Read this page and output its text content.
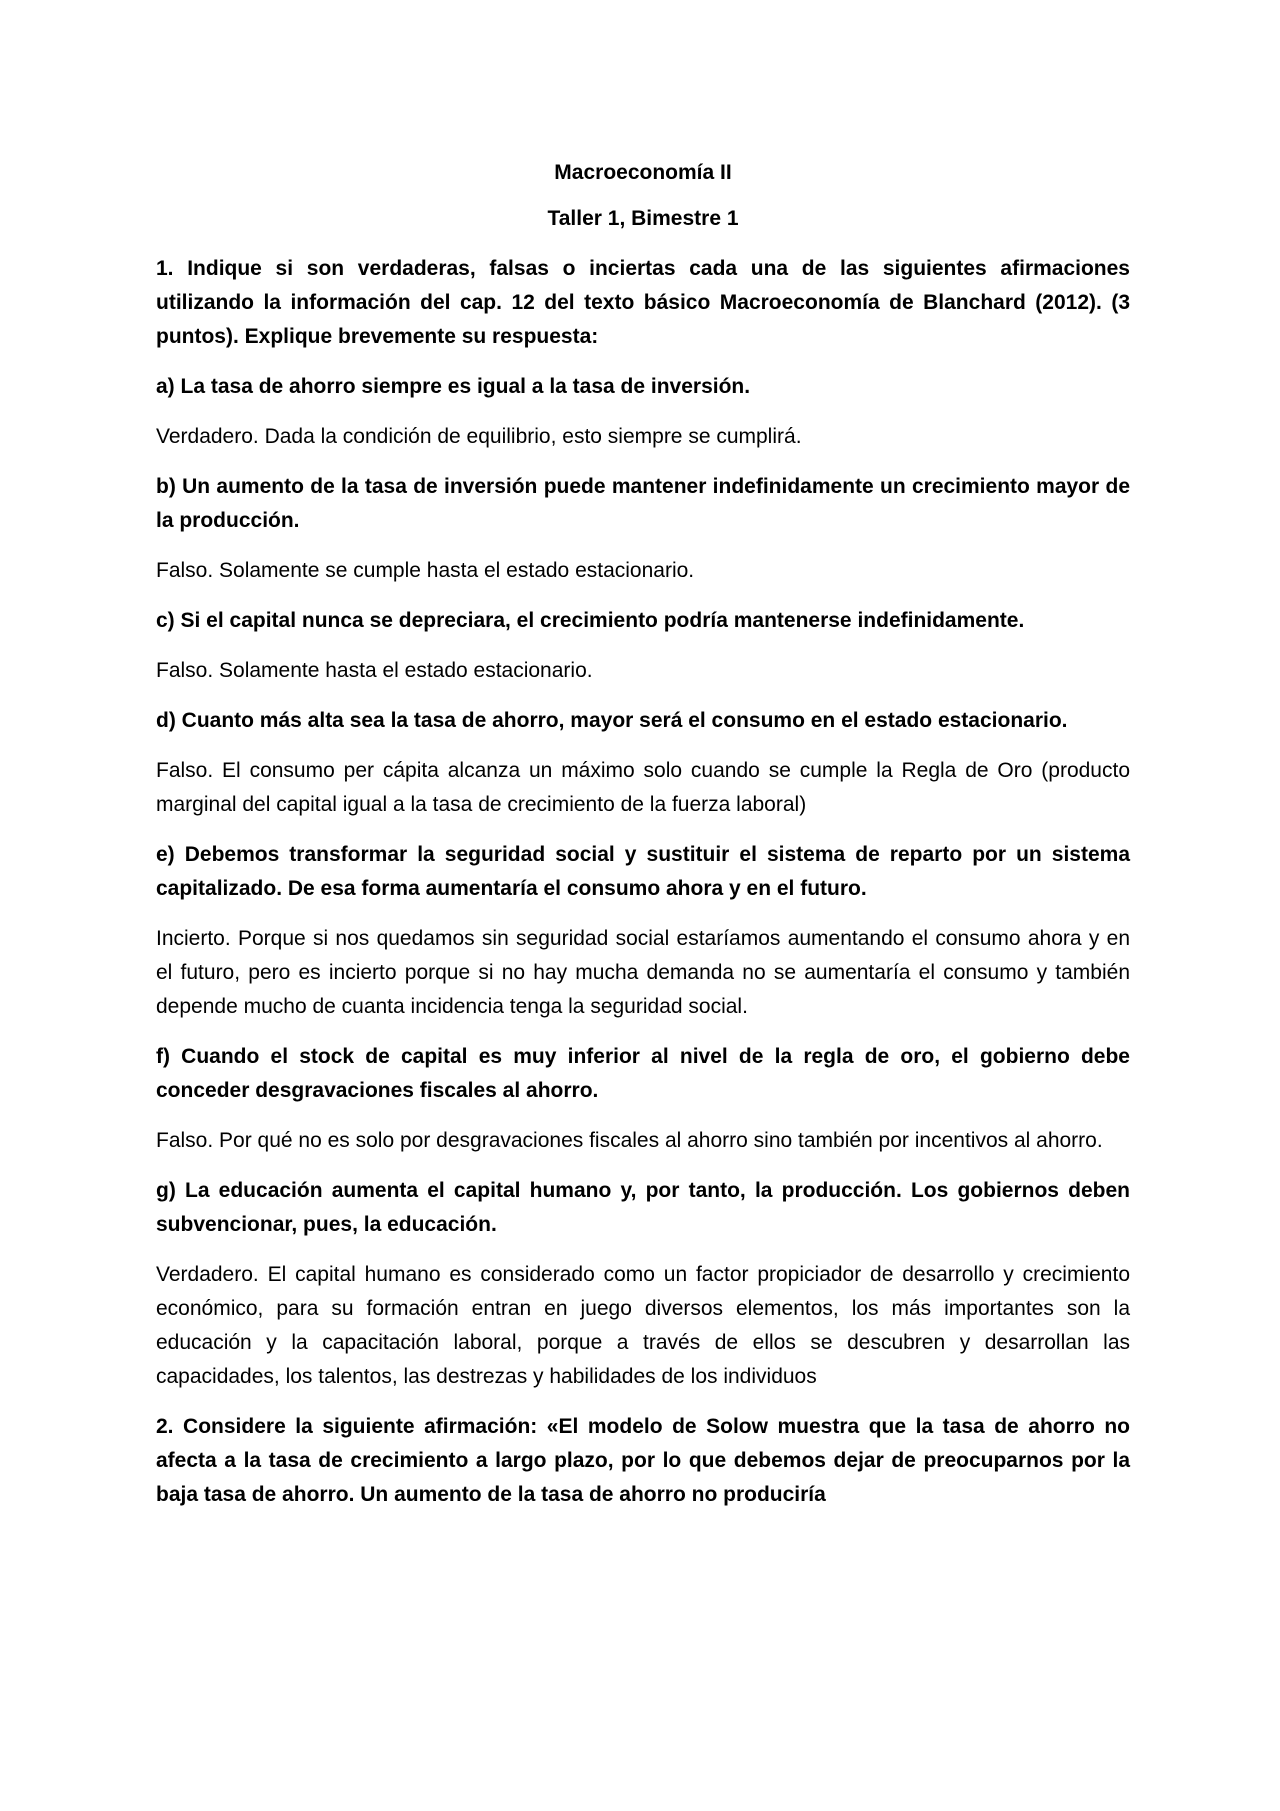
Macroeconomía II

Taller 1, Bimestre 1

1. Indique si son verdaderas, falsas o inciertas cada una de las siguientes afirmaciones utilizando la información del cap. 12 del texto básico Macroeconomía de Blanchard (2012). (3 puntos). Explique brevemente su respuesta:

a) La tasa de ahorro siempre es igual a la tasa de inversión.

Verdadero. Dada la condición de equilibrio, esto siempre se cumplirá.

b) Un aumento de la tasa de inversión puede mantener indefinidamente un crecimiento mayor de la producción.

Falso. Solamente se cumple hasta el estado estacionario.

c) Si el capital nunca se depreciara, el crecimiento podría mantenerse indefinidamente.

Falso. Solamente hasta el estado estacionario.

d) Cuanto más alta sea la tasa de ahorro, mayor será el consumo en el estado estacionario.

Falso. El consumo per cápita alcanza un máximo solo cuando se cumple la Regla de Oro (producto marginal del capital igual a la tasa de crecimiento de la fuerza laboral)

e) Debemos transformar la seguridad social y sustituir el sistema de reparto por un sistema capitalizado. De esa forma aumentaría el consumo ahora y en el futuro.

Incierto. Porque si nos quedamos sin seguridad social estaríamos aumentando el consumo ahora y en el futuro, pero es incierto porque si no hay mucha demanda no se aumentaría el consumo y también depende mucho de cuanta incidencia tenga la seguridad social.

f) Cuando el stock de capital es muy inferior al nivel de la regla de oro, el gobierno debe conceder desgravaciones fiscales al ahorro.

Falso. Por qué no es solo por desgravaciones fiscales al ahorro sino también por incentivos al ahorro.

g) La educación aumenta el capital humano y, por tanto, la producción. Los gobiernos deben subvencionar, pues, la educación.

Verdadero. El capital humano es considerado como un factor propiciador de desarrollo y crecimiento económico, para su formación entran en juego diversos elementos, los más importantes son la educación y la capacitación laboral, porque a través de ellos se descubren y desarrollan las capacidades, los talentos, las destrezas y habilidades de los individuos

2. Considere la siguiente afirmación: «El modelo de Solow muestra que la tasa de ahorro no afecta a la tasa de crecimiento a largo plazo, por lo que debemos dejar de preocuparnos por la baja tasa de ahorro. Un aumento de la tasa de ahorro no produciría
